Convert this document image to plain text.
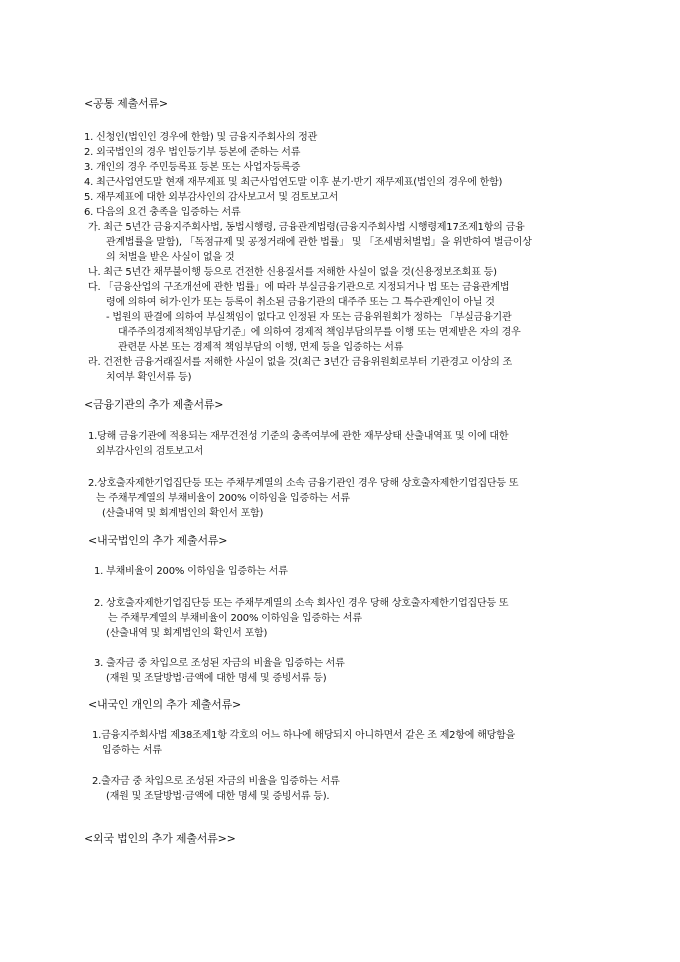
<공통 제출서류>
1. 신청인(법인인 경우에 한함) 및 금융지주회사의 정관
2. 외국법인의 경우 법인등기부 등본에 준하는 서류
3. 개인의 경우 주민등록표 등본 또는 사업자등록증
4. 최근사업연도말 현재 재무제표 및 최근사업연도말 이후 분기·반기 재무제표(법인의 경우에 한함)
5. 재무제표에 대한 외부감사인의 감사보고서 및 검토보고서
6. 다음의 요건 충족을 입증하는 서류
가. 최근 5년간 금융지주회사법, 동법시행령, 금융관계법령(금융지주회사법 시행령제17조제1항의 금융
관계법률을 말함), 「독점규제 및 공정거래에 관한 법률」 및 「조세범처벌법」을 위반하여 벌금이상
의 처벌을 받은 사실이 없을 것
나. 최근 5년간 채무불이행 등으로 건전한 신용질서를 저해한 사실이 없을 것(신용정보조회표 등)
다. 「금융산업의 구조개선에 관한 법률」에 따라 부실금융기관으로 지정되거나 법 또는 금융관계법
령에 의하여 허가·인가 또는 등록이 취소된 금융기관의 대주주 또는 그 특수관계인이 아닐 것
- 법원의 판결에 의하여 부실책임이 없다고 인정된 자 또는 금융위원회가 정하는 「부실금융기관
대주주의경제적책임부담기준」에 의하여 경제적 책임부담의무를 이행 또는 면제받은 자의 경우
관련문 사본 또는 경제적 책임부담의 이행, 면제 등을 입증하는 서류
라. 건전한 금융거래질서를 저해한 사실이 없을 것(최근 3년간 금융위원회로부터 기관경고 이상의 조
치여부 확인서류 등)
<금융기관의 추가 제출서류>
1.당해 금융기관에 적용되는 재무건전성 기준의 충족여부에 관한 재무상태 산출내역표 및 이에 대한
외부감사인의 검토보고서
2.상호출자제한기업집단등 또는 주채무계열의 소속 금융기관인 경우 당해 상호출자제한기업집단등 또
는 주채무계열의 부채비율이 200% 이하임을 입증하는 서류
(산출내역 및 회계법인의 확인서 포함)
<내국법인의 추가 제출서류>
1. 부채비율이 200% 이하임을 입증하는 서류
2. 상호출자제한기업집단등 또는 주채무계열의 소속 회사인 경우 당해 상호출자제한기업집단등 또
는 주채무계열의 부채비율이 200% 이하임을 입증하는 서류
(산출내역 및 회계법인의 확인서 포함)
3. 출자금 중 차입으로 조성된 자금의 비율을 입증하는 서류
(재원 및 조달방법·금액에 대한 명세 및 증빙서류 등)
<내국인 개인의 추가 제출서류>
1.금융지주회사법 제38조제1항 각호의 어느 하나에 해당되지 아니하면서 같은 조 제2항에 해당함을
입증하는 서류
2.출자금 중 차입으로 조성된 자금의 비율을 입증하는 서류
(재원 및 조달방법·금액에 대한 명세 및 증빙서류 등).
<외국 법인의 추가 제출서류>>
